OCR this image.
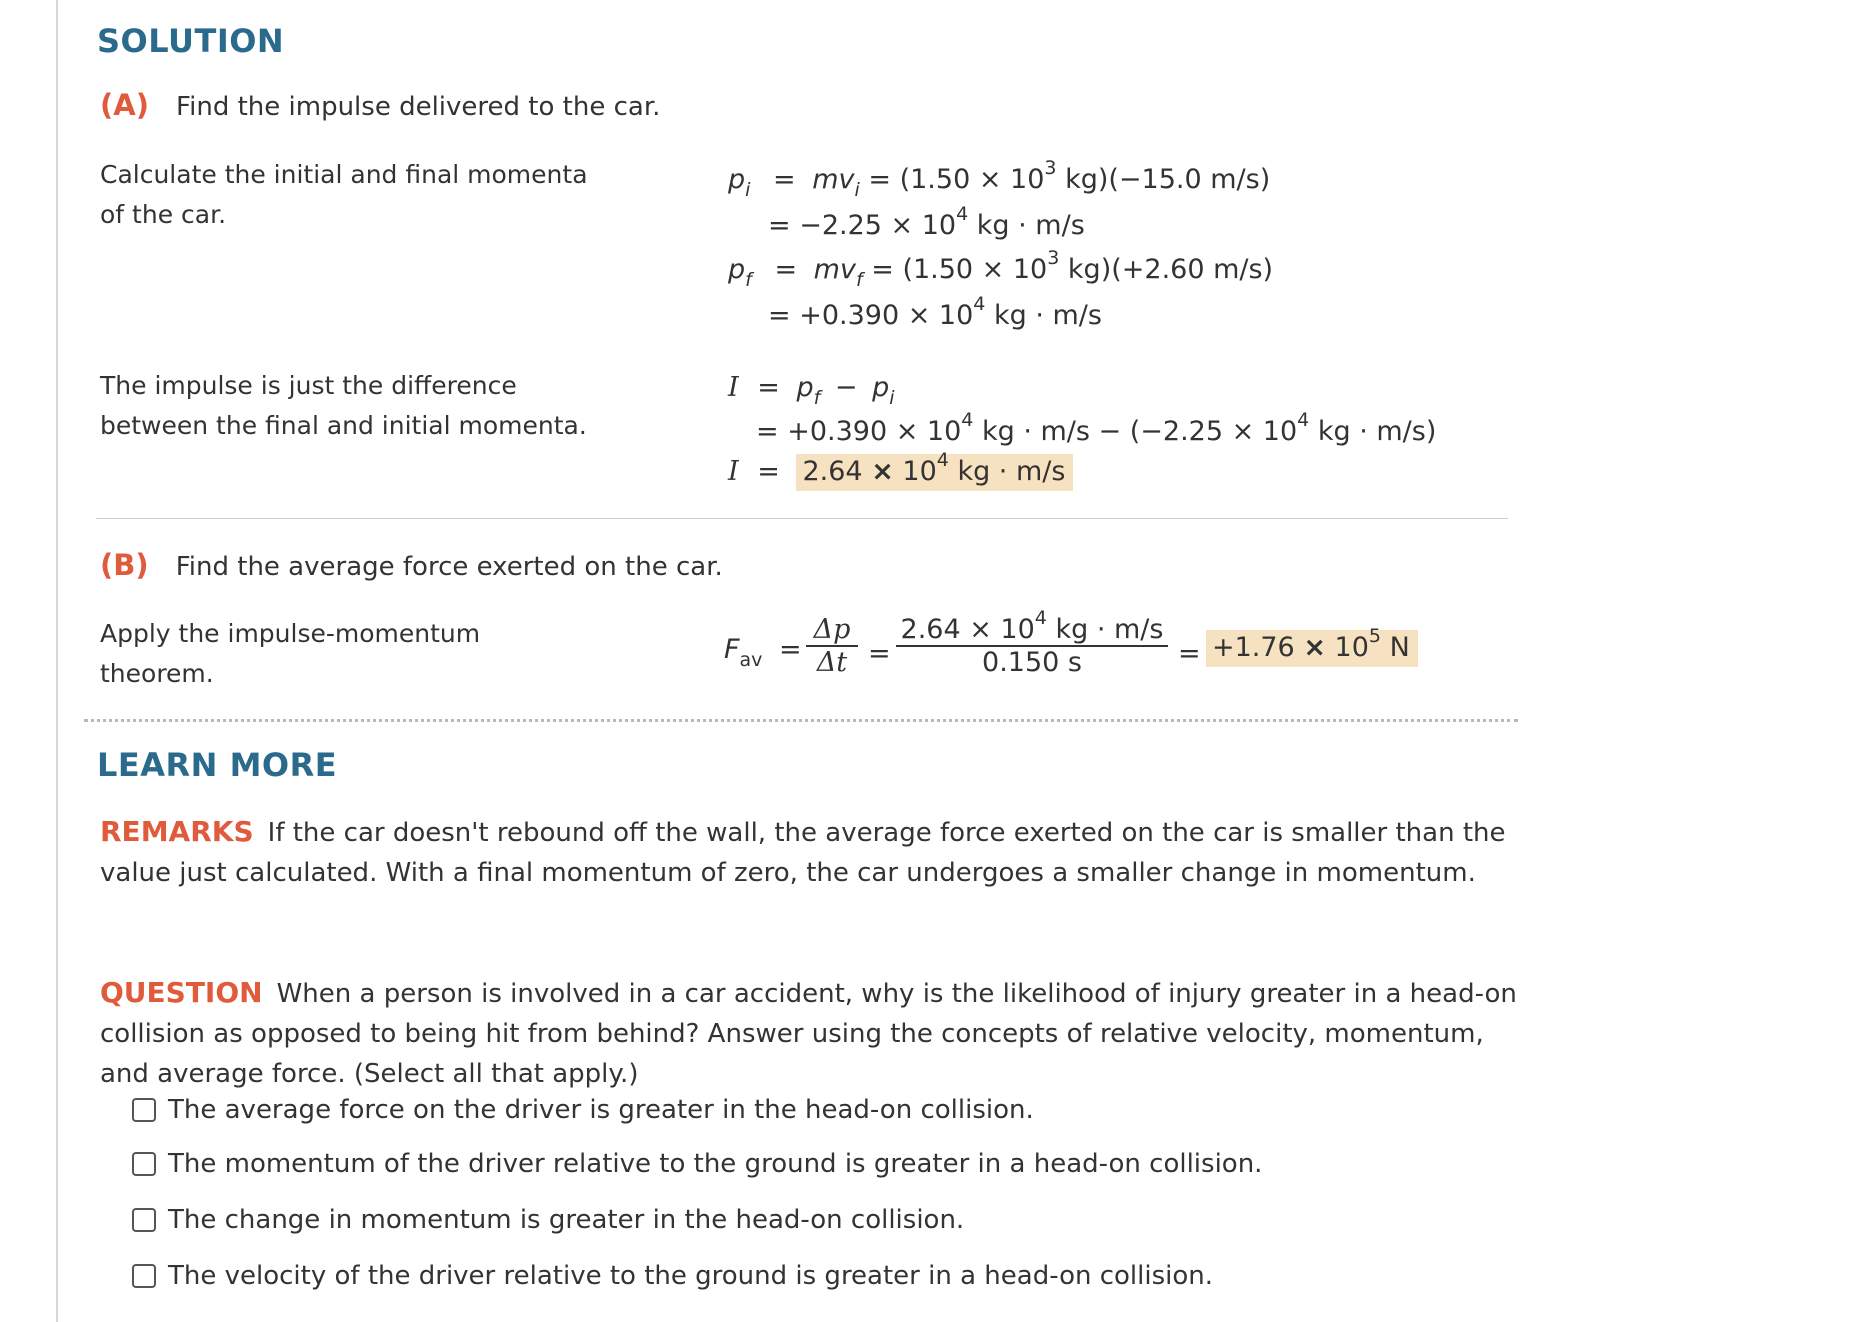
SOLUTION
(A) Find the impulse delivered to the car.
Calculate the initial and final momenta
of the car.
$p_i = mv_i = (1.50 \times 10^3$ kg)(−15.0 m/s)
= $-2.25 \times 10^4$ kg · m/s
$p_f = mv_f = (1.50 \times 10^3$ kg)(+2.60 m/s)
= $+0.390 \times 10^4$ kg · m/s
The impulse is just the difference
between the final and initial momenta.
$I = p_f - p_i$
= $+0.390 \times 10^4$ kg · $m/s - (-2.25 \times 10^4$ kg · m/s)
$I = 2.64 \times 10^4$ kg · m/s
(B) Find the average force exerted on the car.
Apply the impulse-momentum
theorem.
$F_{av}$ =
Δp
Δt =
$2.64 \times 10^4$ kg · m/s
0.150 s	= $+1.76 \times 10^5$ N
LEARN MORE
REMARKS If the car doesn't rebound off the wall, the average force exerted on the car is smaller than the value just calculated. With a final momentum of zero, the car undergoes a smaller change in momentum.
QUESTION When a person is involved in a car accident, why is the likelihood of injury greater in a head-on collision as opposed to being hit from behind? Answer using the concepts of relative velocity, momentum, and average force. (Select all that apply.)
The average force on the driver is greater in the head-on collision.
The momentum of the driver relative to the ground is greater in a head-on collision.
The change in momentum is greater in the head-on collision.
The velocity of the driver relative to the ground is greater in a head-on collision.
